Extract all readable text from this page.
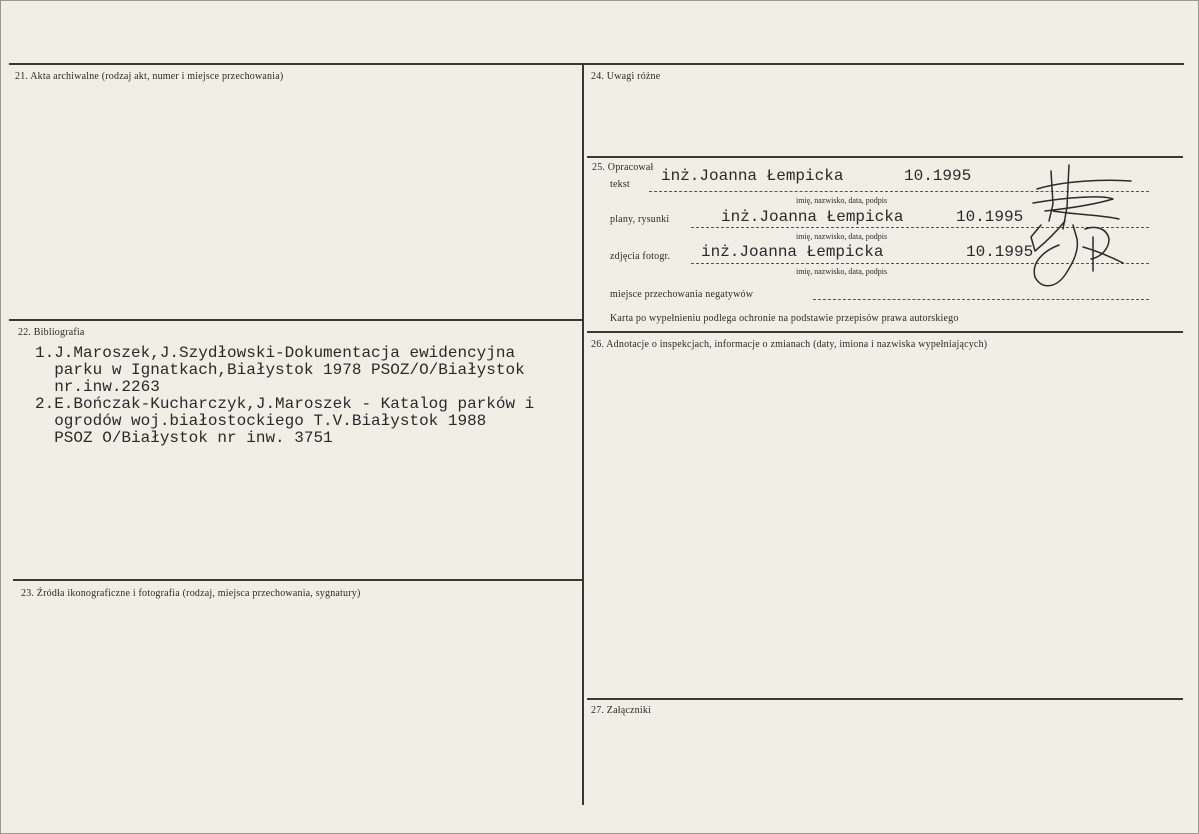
21. Akta archiwalne (rodzaj akt, numer i miejsce przechowania)
22. Bibliografia
1.J.Maroszek,J.Szydłowski-Dokumentacja ewidencyjna
parku w Ignatkach,Białystok 1978 PSOZ/O/Białystok
nr.inw.2263
2.E.Bończak-Kucharczyk,J.Maroszek - Katalog parków i
ogrodów woj.białostockiego T.V.Białystok 1988
PSOZ O/Białystok nr inw. 3751
23. Źródła ikonograficzne i fotografia (rodzaj, miejsca przechowania, sygnatury)
24. Uwagi różne
25. Opracował
tekst inż.Joanna Łempicka	10.1995
imię, nazwisko, data, podpis
plany, rysunki	inż.Joanna Łempicka	10.1995
imię, nazwisko, data, podpis
zdjęcia fotogr. inż.Joanna Łempicka	10.1995
imię, nazwisko, data, podpis
miejsce przechowania negatywów
Karta po wypełnieniu podlega ochronie na podstawie przepisów prawa autorskiego
26. Adnotacje o inspekcjach, informacje o zmianach (daty, imiona i nazwiska wypełniających)
27. Załączniki
